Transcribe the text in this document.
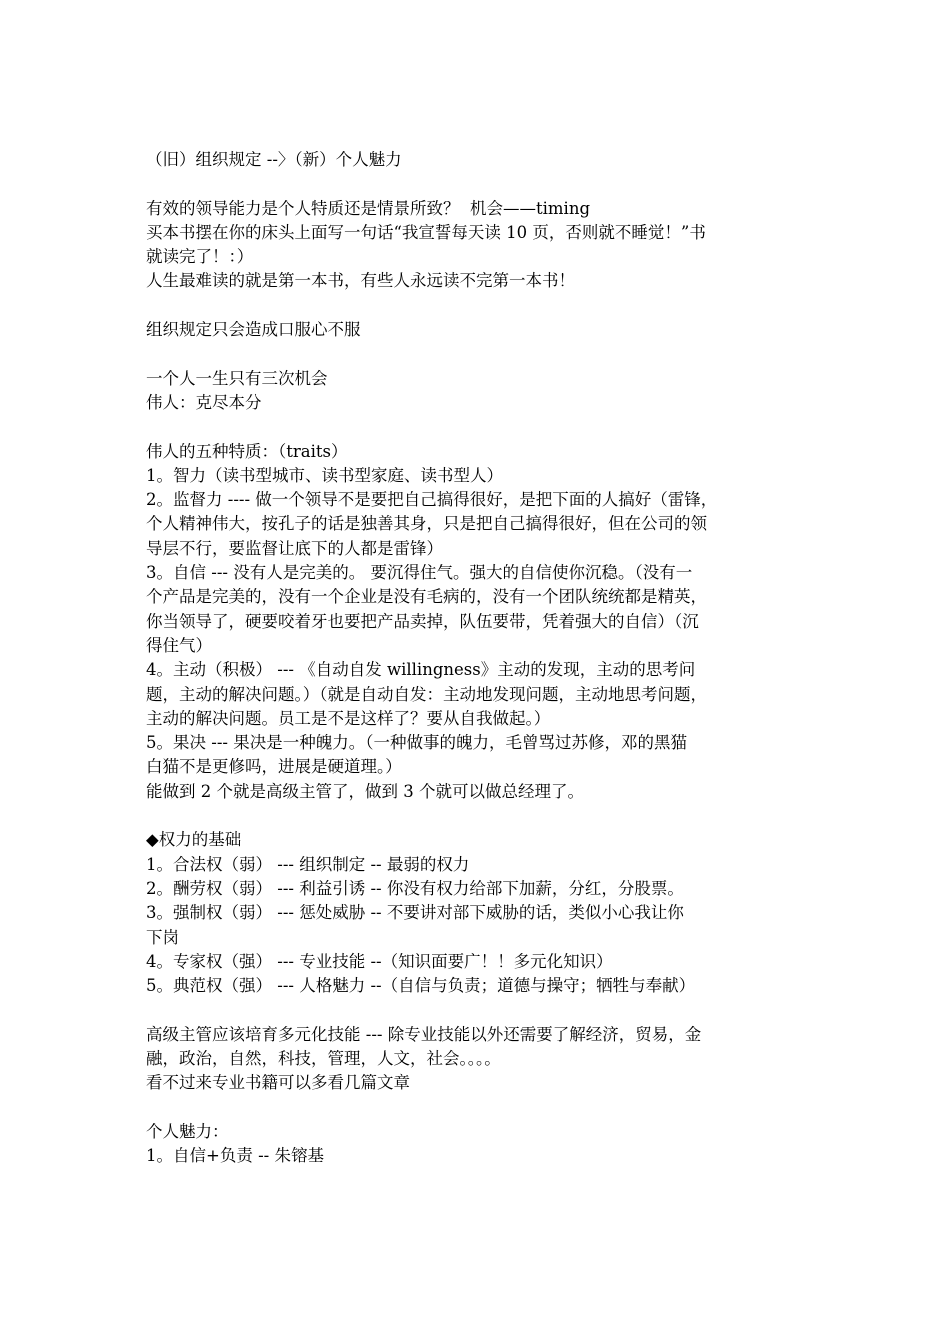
（旧）组织规定 --〉（新）个人魅力

有效的领导能力是个人特质还是情景所致？  机会——timing

买本书摆在你的床头上面写一句话“我宣誓每天读 10 页，否则就不睡觉！”书

就读完了！：）

人生最难读的就是第一本书，有些人永远读不完第一本书！

组织规定只会造成口服心不服

一个人一生只有三次机会

伟人：克尽本分

伟人的五种特质：（traits）

1。智力（读书型城市、读书型家庭、读书型人）

2。监督力 ---- 做一个领导不是要把自己搞得很好，是把下面的人搞好（雷锋，

个人精神伟大，按孔子的话是独善其身，只是把自己搞得很好，但在公司的领

导层不行，要监督让底下的人都是雷锋）

3。自信 --- 没有人是完美的。 要沉得住气。强大的自信使你沉稳。（没有一

个产品是完美的，没有一个企业是没有毛病的，没有一个团队统统都是精英，

你当领导了，硬要咬着牙也要把产品卖掉，队伍要带，凭着强大的自信）（沉

得住气）

4。主动（积极） --- 《自动自发 willingness》主动的发现，主动的思考问

题，主动的解决问题。）（就是自动自发：主动地发现问题，主动地思考问题，

主动的解决问题。员工是不是这样了？要从自我做起。）

5。果决 --- 果决是一种魄力。（一种做事的魄力，毛曾骂过苏修，邓的黑猫

白猫不是更修吗，进展是硬道理。）

能做到 2 个就是高级主管了，做到 3 个就可以做总经理了。

◆权力的基础

1。合法权（弱） --- 组织制定 -- 最弱的权力

2。酬劳权（弱） --- 利益引诱 -- 你没有权力给部下加薪，分红，分股票。

3。强制权（弱） --- 惩处威胁 -- 不要讲对部下威胁的话，类似小心我让你

下岗

4。专家权（强） --- 专业技能 --（知识面要广！！多元化知识）

5。典范权（强） --- 人格魅力 --（自信与负责；道德与操守；牺牲与奉献）

高级主管应该培育多元化技能 --- 除专业技能以外还需要了解经济，贸易，金

融，政治，自然，科技，管理，人文，社会。。。。

看不过来专业书籍可以多看几篇文章

个人魅力：

1。自信+负责 -- 朱镕基
